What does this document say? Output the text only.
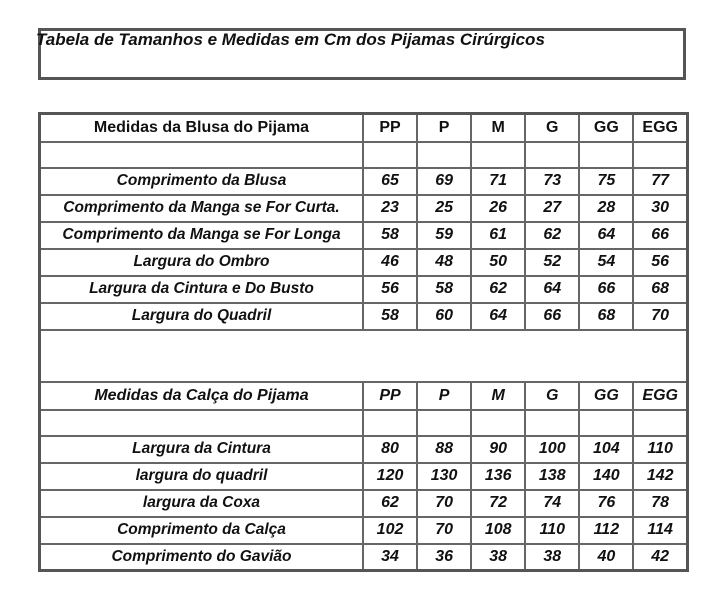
Tabela de Tamanhos e Medidas em Cm dos Pijamas Cirúrgicos
Medidas da Blusa do Pijama	PP	P	M	G	GG	EGG

Comprimento da Blusa	65	69	71	73	75	77
Comprimento da Manga se For Curta.	23	25	26	27	28	30
Comprimento da Manga se For Longa	58	59	61	62	64	66
Largura do Ombro	46	48	50	52	54	56
Largura da Cintura e Do Busto	56	58	62	64	66	68
Largura do Quadril	58	60	64	66	68	70

Medidas da Calça do Pijama	PP	P	M	G	GG	EGG

Largura da Cintura	80	88	90	100	104	110
largura do quadril	120	130	136	138	140	142
largura da Coxa	62	70	72	74	76	78
Comprimento da Calça	102	70	108	110	112	114
Comprimento do Gavião	34	36	38	38	40	42
